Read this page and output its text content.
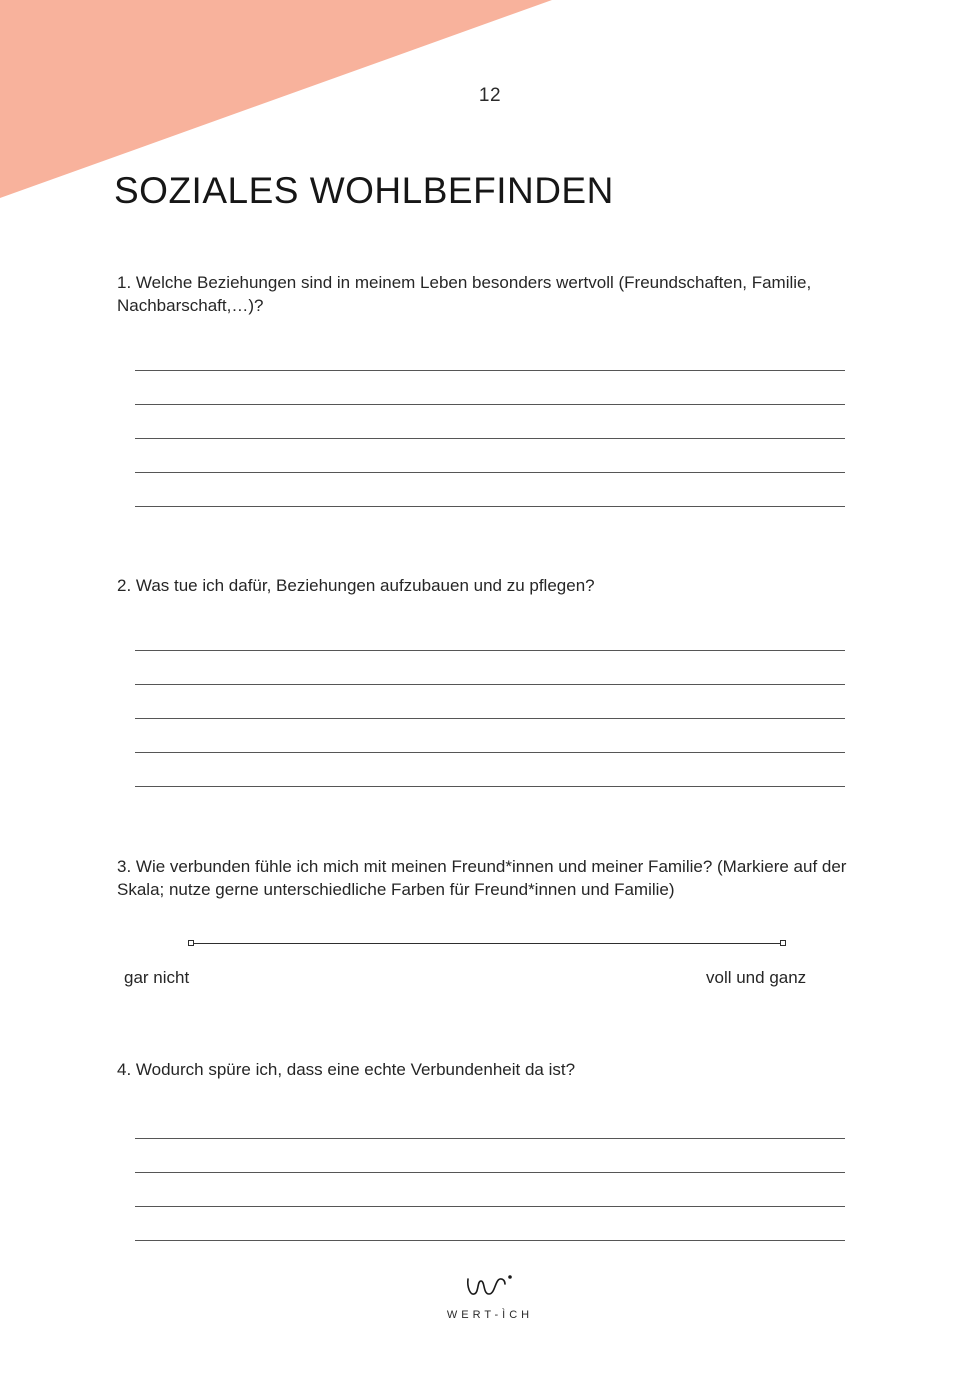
12
SOZIALES WOHLBEFINDEN

1. Welche Beziehungen sind in meinem Leben besonders wertvoll (Freundschaften, Familie, Nachbarschaft,…)?

2. Was tue ich dafür, Beziehungen aufzubauen und zu pflegen?

3. Wie verbunden fühle ich mich mit meinen Freund*innen und meiner Familie? (Markiere auf der Skala; nutze gerne unterschiedliche Farben für Freund*innen und Familie)

gar nicht	voll und ganz

4. Wodurch spüre ich, dass eine echte Verbundenheit da ist?

WERT-ÌCH
